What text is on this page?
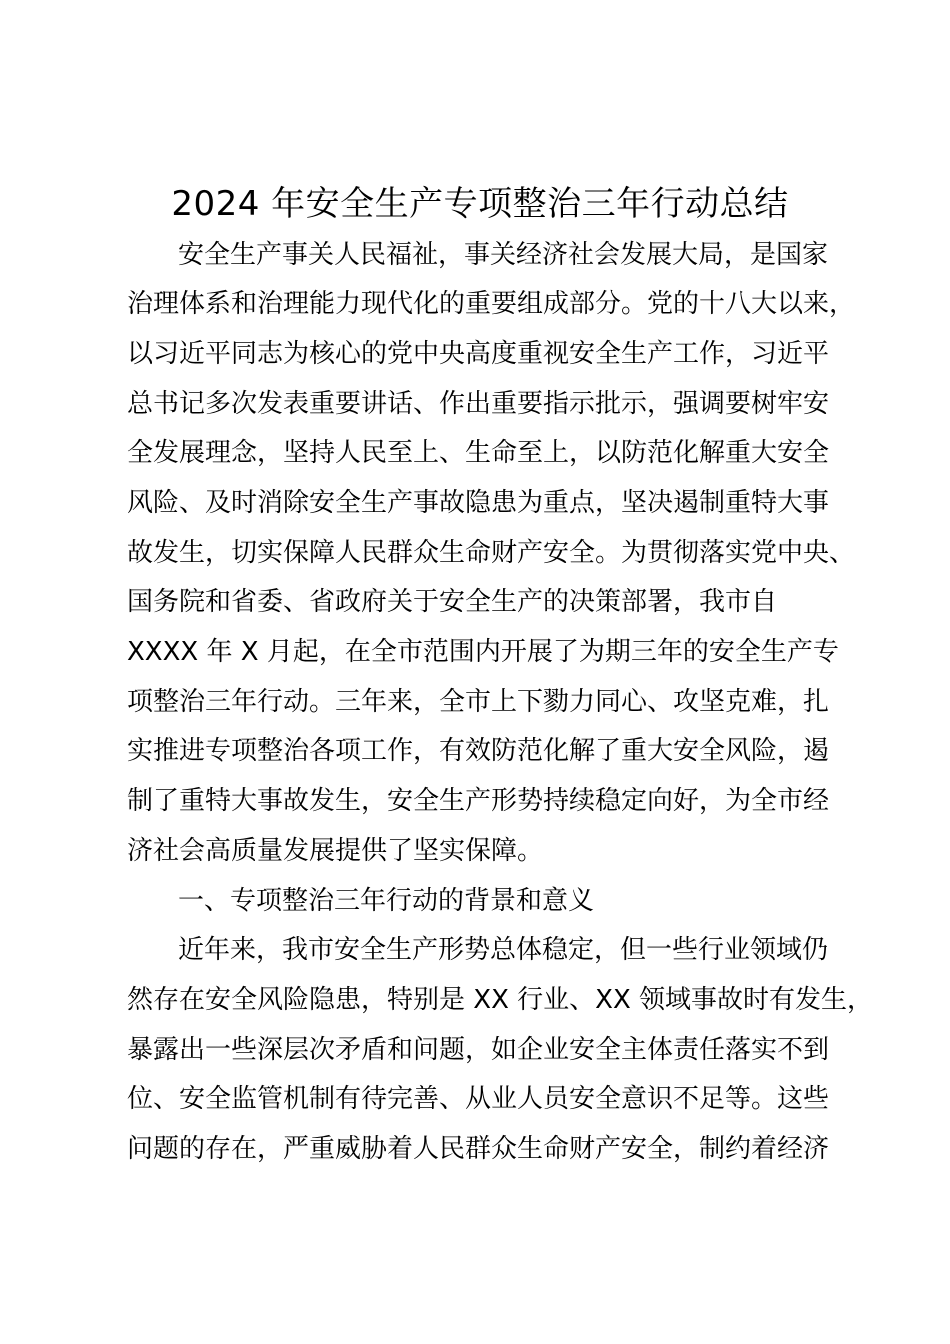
2024 年安全生产专项整治三年行动总结
安全生产事关人民福祉，事关经济社会发展大局，是国家
治理体系和治理能力现代化的重要组成部分。党的十八大以来，
以习近平同志为核心的党中央高度重视安全生产工作，习近平
总书记多次发表重要讲话、作出重要指示批示，强调要树牢安
全发展理念，坚持人民至上、生命至上，以防范化解重大安全
风险、及时消除安全生产事故隐患为重点，坚决遏制重特大事
故发生，切实保障人民群众生命财产安全。为贯彻落实党中央、
国务院和省委、省政府关于安全生产的决策部署，我市自
XXXX 年 X 月起，在全市范围内开展了为期三年的安全生产专
项整治三年行动。三年来，全市上下勠力同心、攻坚克难，扎
实推进专项整治各项工作，有效防范化解了重大安全风险，遏
制了重特大事故发生，安全生产形势持续稳定向好，为全市经
济社会高质量发展提供了坚实保障。
一、专项整治三年行动的背景和意义
近年来，我市安全生产形势总体稳定，但一些行业领域仍
然存在安全风险隐患，特别是 XX 行业、XX 领域事故时有发生，
暴露出一些深层次矛盾和问题，如企业安全主体责任落实不到
位、安全监管机制有待完善、从业人员安全意识不足等。这些
问题的存在，严重威胁着人民群众生命财产安全，制约着经济
